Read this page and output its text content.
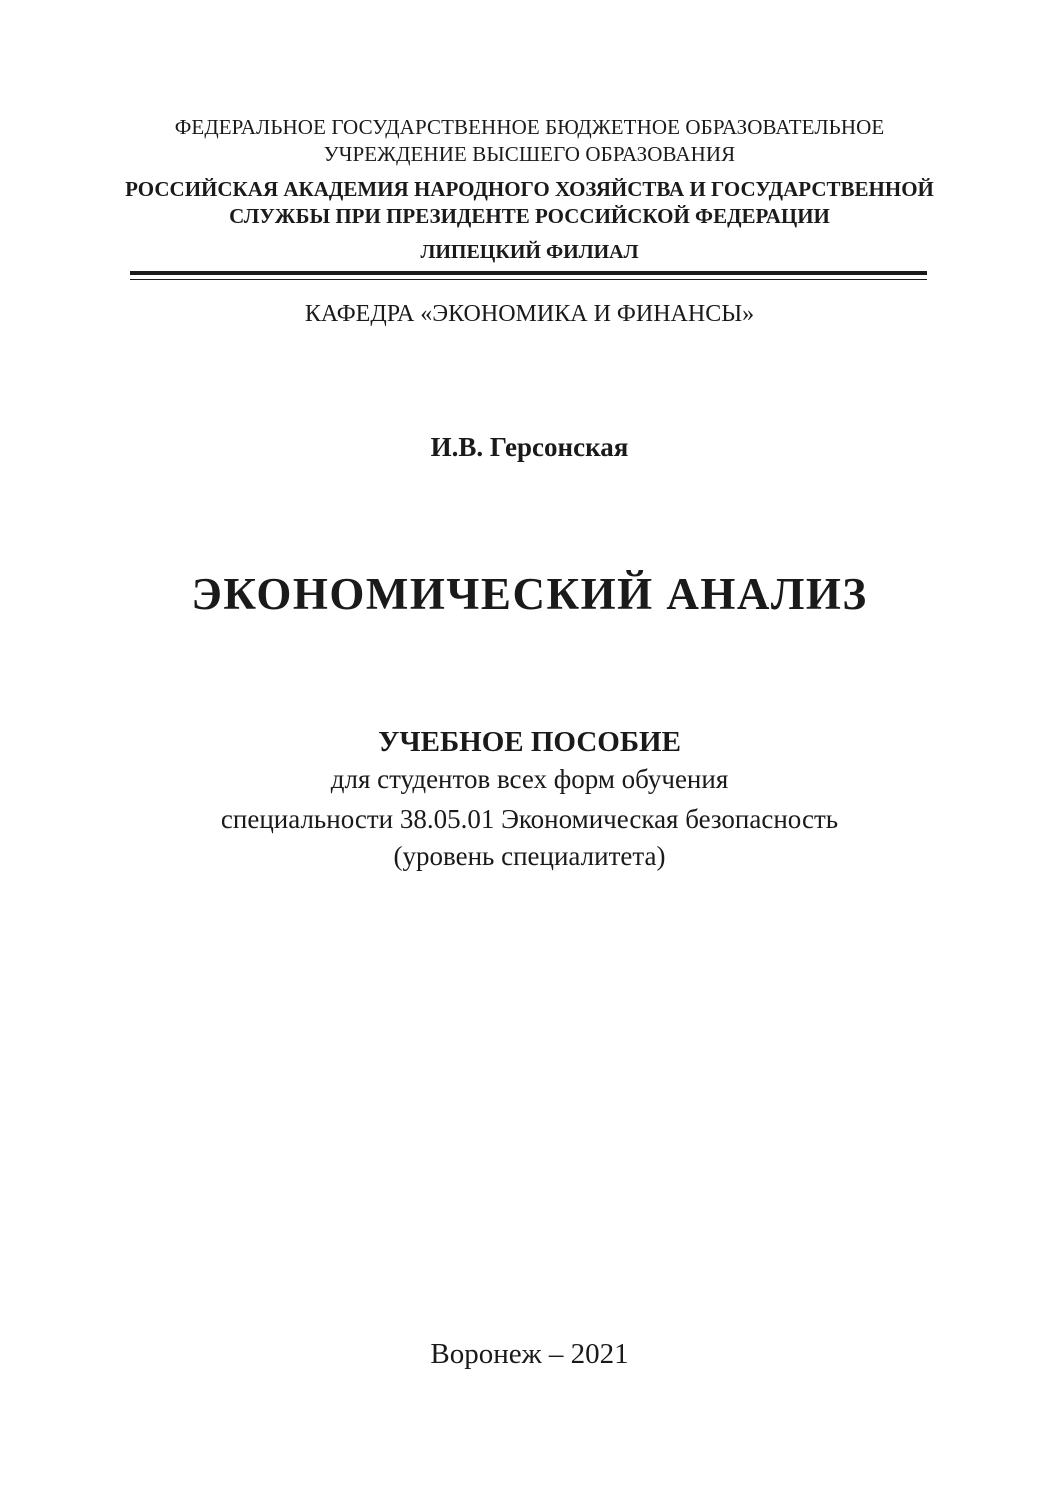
ФЕДЕРАЛЬНОЕ ГОСУДАРСТВЕННОЕ БЮДЖЕТНОЕ ОБРАЗОВАТЕЛЬНОЕ
УЧРЕЖДЕНИЕ ВЫСШЕГО ОБРАЗОВАНИЯ
РОССИЙСКАЯ АКАДЕМИЯ НАРОДНОГО ХОЗЯЙСТВА И ГОСУДАРСТВЕННОЙ
СЛУЖБЫ ПРИ ПРЕЗИДЕНТЕ РОССИЙСКОЙ ФЕДЕРАЦИИ
ЛИПЕЦКИЙ ФИЛИАЛ
КАФЕДРА «ЭКОНОМИКА И ФИНАНСЫ»
И.В. Герсонская
ЭКОНОМИЧЕСКИЙ АНАЛИЗ
УЧЕБНОЕ ПОСОБИЕ
для студентов всех форм обучения
специальности 38.05.01 Экономическая безопасность
(уровень специалитета)
Воронеж – 2021
